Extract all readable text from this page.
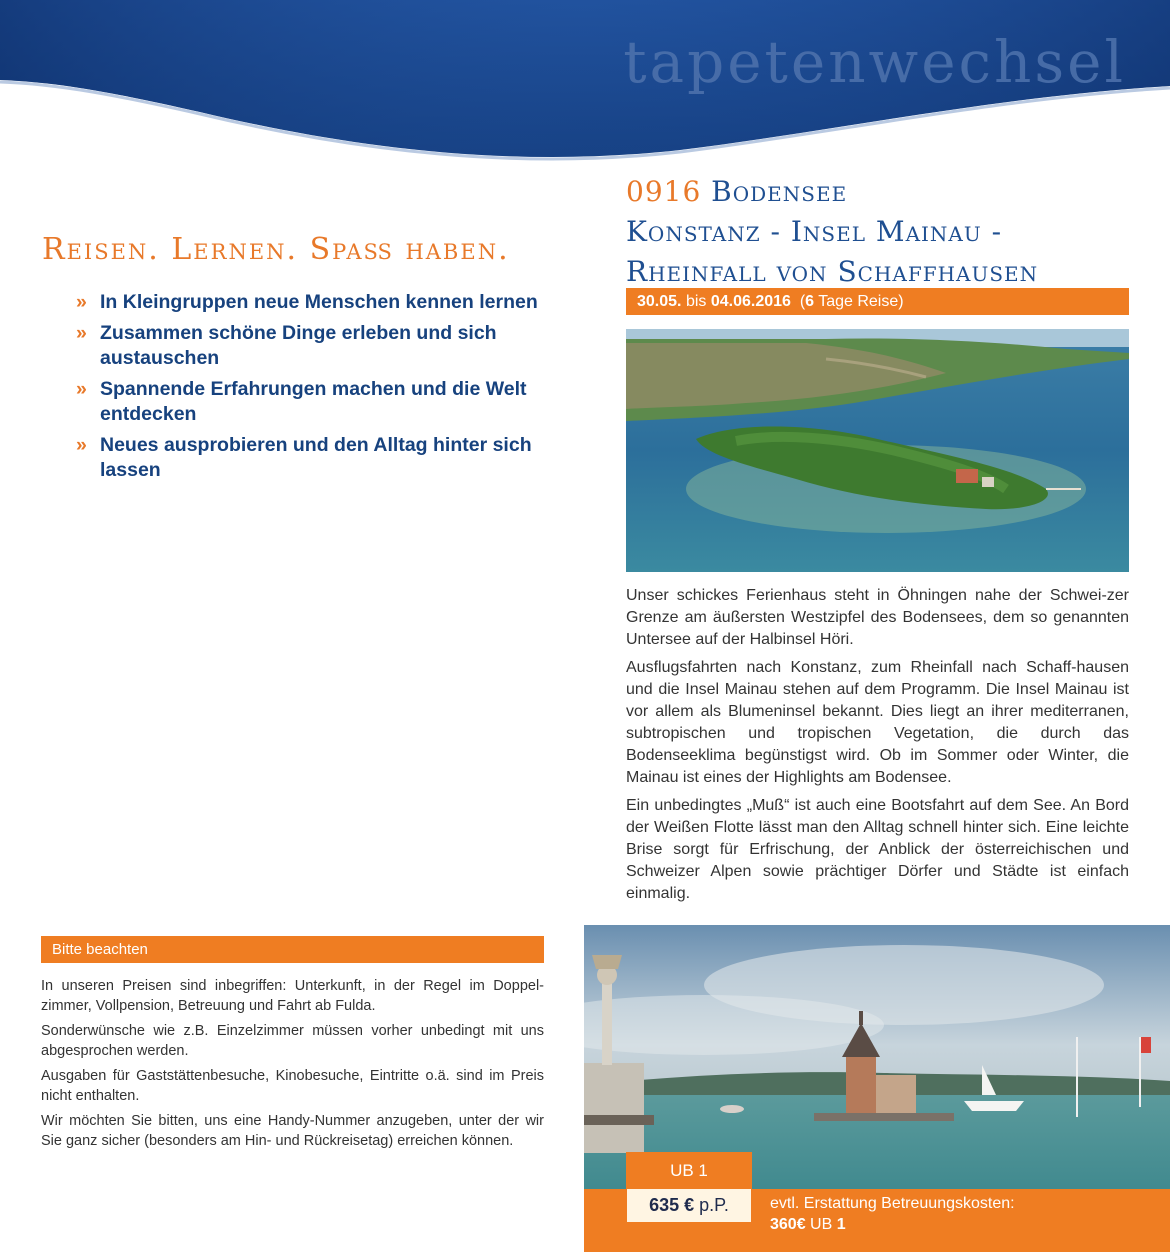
tapetenwechsel
Reisen. Lernen. Spaß haben.
» In Kleingruppen neue Menschen kennen lernen
» Zusammen schöne Dinge erleben und sich austauschen
» Spannende Erfahrungen machen und die Welt entdecken
» Neues ausprobieren und den Alltag hinter sich lassen
0916 Bodensee
Konstanz - Insel Mainau -
Rheinfall von Schaffhausen
30.05. bis 04.06.2016 (6 Tage Reise)

Unser schickes Ferienhaus steht in Öhningen nahe der Schwei-zer Grenze am äußersten Westzipfel des Bodensees, dem so genannten Untersee auf der Halbinsel Höri.

Ausflugsfahrten nach Konstanz, zum Rheinfall nach Schaff-hausen und die Insel Mainau stehen auf dem Programm. Die Insel Mainau ist vor allem als Blumeninsel bekannt. Dies liegt an ihrer mediterranen, subtropischen und tropischen Vegetation, die durch das Bodenseeklima begünstigst wird. Ob im Sommer oder Winter, die Mainau ist eines der Highlights am Bodensee.

Ein unbedingtes „Muß“ ist auch eine Bootsfahrt auf dem See. An Bord der Weißen Flotte lässt man den Alltag schnell hinter sich. Eine leichte Brise sorgt für Erfrischung, der Anblick der österreichischen und Schweizer Alpen sowie prächtiger Dörfer und Städte ist einfach einmalig.

Bitte beachten

In unseren Preisen sind inbegriffen: Unterkunft, in der Regel im Doppel-zimmer, Vollpension, Betreuung und Fahrt ab Fulda.

Sonderwünsche wie z.B. Einzelzimmer müssen vorher unbedingt mit uns abgesprochen werden.

Ausgaben für Gaststättenbesuche, Kinobesuche, Eintritte o.ä. sind im Preis nicht enthalten.

Wir möchten Sie bitten, uns eine Handy-Nummer anzugeben, unter der wir Sie ganz sicher (besonders am Hin- und Rückreisetag) erreichen können.

UB 1
635 € p.P.	evtl. Erstattung Betreuungskosten:
360€ UB 1
